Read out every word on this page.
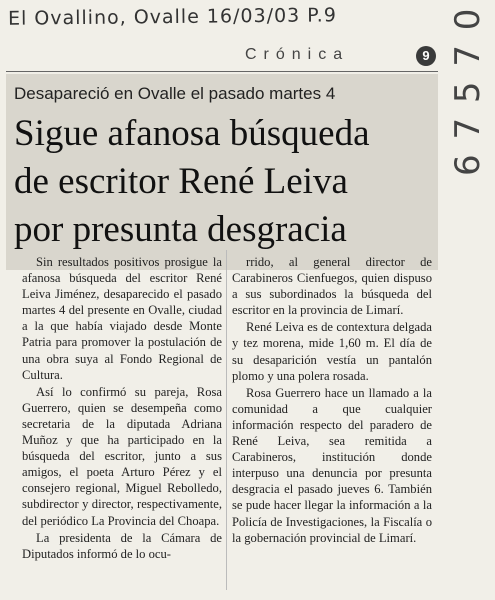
El Ovallino, Ovalle 16/03/03 P.9	6 7 5 7 0
Crónica	9
Desapareció en Ovalle el pasado martes 4
Sigue afanosa búsqueda
de escritor René Leiva
por presunta desgracia

Sin resultados positivos prosigue la afanosa búsqueda del escritor René Leiva Jiménez, desaparecido el pasado martes 4 del presente en Ovalle, ciudad a la que había viajado desde Monte Patria para promover la postulación de una obra suya al Fondo Regional de Cultura.

Así lo confirmó su pareja, Rosa Guerrero, quien se desempeña como secretaria de la diputada Adriana Muñoz y que ha participado en la búsqueda del escritor, junto a sus amigos, el poeta Arturo Pérez y el consejero regional, Miguel Rebolledo, subdirector y director, respectivamente, del periódico La Provincia del Choapa.

La presidenta de la Cámara de Diputados informó de lo ocu-

rrido, al general director de Carabineros Cienfuegos, quien dispuso a sus subordinados la búsqueda del escritor en la provincia de Limarí.

René Leiva es de contextura delgada y tez morena, mide 1,60 m. El día de su desaparición vestía un pantalón plomo y una polera rosada.

Rosa Guerrero hace un llamado a la comunidad a que cualquier información respecto del paradero de René Leiva, sea remitida a Carabineros, institución donde interpuso una denuncia por presunta desgracia el pasado jueves 6. También se pude hacer llegar la información a la Policía de Investigaciones, la Fiscalía o la gobernación provincial de Limarí.
